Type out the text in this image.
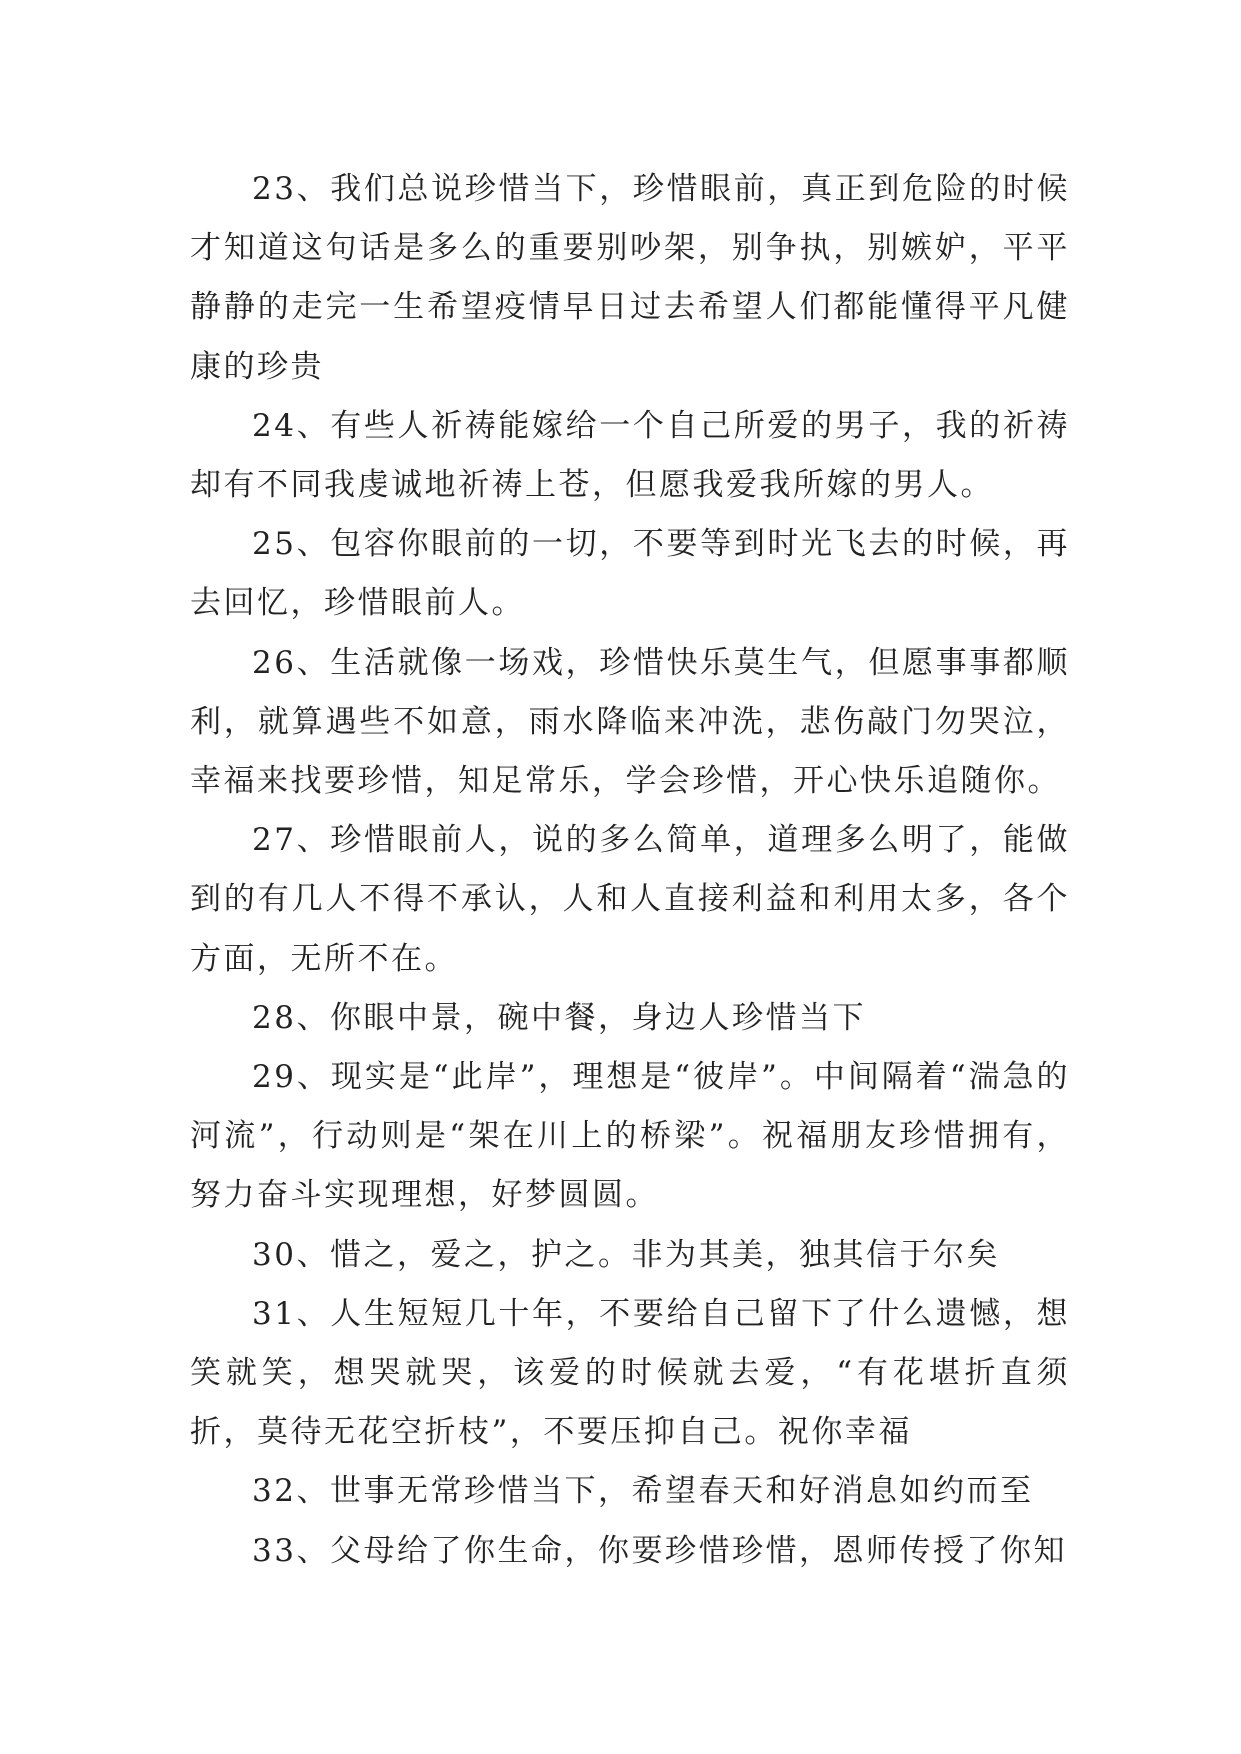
23、我们总说珍惜当下，珍惜眼前，真正到危险的时候才知道这句话是多么的重要别吵架，别争执，别嫉妒，平平静静的走完一生希望疫情早日过去希望人们都能懂得平凡健康的珍贵

24、有些人祈祷能嫁给一个自己所爱的男子，我的祈祷却有不同我虔诚地祈祷上苍，但愿我爱我所嫁的男人。

25、包容你眼前的一切，不要等到时光飞去的时候，再去回忆，珍惜眼前人。

26、生活就像一场戏，珍惜快乐莫生气，但愿事事都顺利，就算遇些不如意，雨水降临来冲洗，悲伤敲门勿哭泣，幸福来找要珍惜，知足常乐，学会珍惜，开心快乐追随你。

27、珍惜眼前人，说的多么简单，道理多么明了，能做到的有几人不得不承认，人和人直接利益和利用太多，各个方面，无所不在。

28、你眼中景，碗中餐，身边人珍惜当下

29、现实是“此岸”，理想是“彼岸”。中间隔着“湍急的河流”，行动则是“架在川上的桥梁”。祝福朋友珍惜拥有，努力奋斗实现理想，好梦圆圆。

30、惜之，爱之，护之。非为其美，独其信于尔矣

31、人生短短几十年，不要给自己留下了什么遗憾，想笑就笑，想哭就哭，该爱的时候就去爱，“有花堪折直须折，莫待无花空折枝”，不要压抑自己。祝你幸福

32、世事无常珍惜当下，希望春天和好消息如约而至

33、父母给了你生命，你要珍惜珍惜，恩师传授了你知
